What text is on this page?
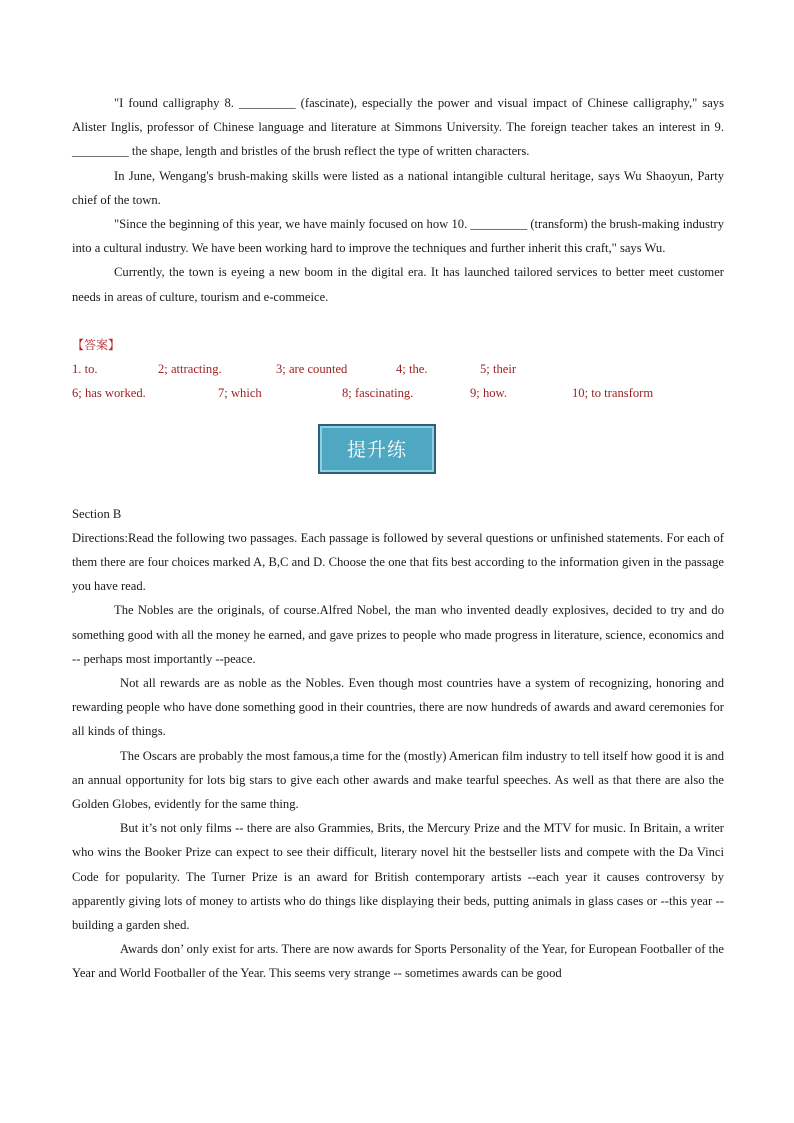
"I found calligraphy 8. _________ (fascinate), especially the power and visual impact of Chinese calligraphy," says Alister Inglis, professor of Chinese language and literature at Simmons University. The foreign teacher takes an interest in 9. _________ the shape, length and bristles of the brush reflect the type of written characters.

In June, Wengang's brush-making skills were listed as a national intangible cultural heritage, says Wu Shaoyun, Party chief of the town.

"Since the beginning of this year, we have mainly focused on how 10. _________ (transform) the brush-making industry into a cultural industry. We have been working hard to improve the techniques and further inherit this craft," says Wu.

Currently, the town is eyeing a new boom in the digital era. It has launched tailored services to better meet customer needs in areas of culture, tourism and e-commeice.

【答案】
1. to.	2; attracting.	3; are counted	4; the.	5; their
6; has worked.	7; which	8; fascinating.	9; how.	10; to transform
提升练

Section B

Directions:Read the following two passages. Each passage is followed by several questions or unfinished statements. For each of them there are four choices marked A, B,C and D. Choose the one that fits best according to the information given in the passage you have read.

The Nobles are the originals, of course.Alfred Nobel, the man who invented deadly explosives, decided to try and do something good with all the money he earned, and gave prizes to people who made progress in literature, science, economics and -- perhaps most importantly --peace.

Not all rewards are as noble as the Nobles. Even though most countries have a system of recognizing, honoring and rewarding people who have done something good in their countries, there are now hundreds of awards and award ceremonies for all kinds of things.

The Oscars are probably the most famous,a time for the (mostly) American film industry to tell itself how good it is and an annual opportunity for lots big stars to give each other awards and make tearful speeches. As well as that there are also the Golden Globes, evidently for the same thing.

But it’s not only films -- there are also Grammies, Brits, the Mercury Prize and the MTV for music. In Britain, a writer who wins the Booker Prize can expect to see their difficult, literary novel hit the bestseller lists and compete with the Da Vinci Code for popularity. The Turner Prize is an award for British contemporary artists --each year it causes controversy by apparently giving lots of money to artists who do things like displaying their beds, putting animals in glass cases or --this year -- building a garden shed.

Awards don’ only exist for arts. There are now awards for Sports Personality of the Year, for European Footballer of the Year and World Footballer of the Year. This seems very strange -- sometimes awards can be good
